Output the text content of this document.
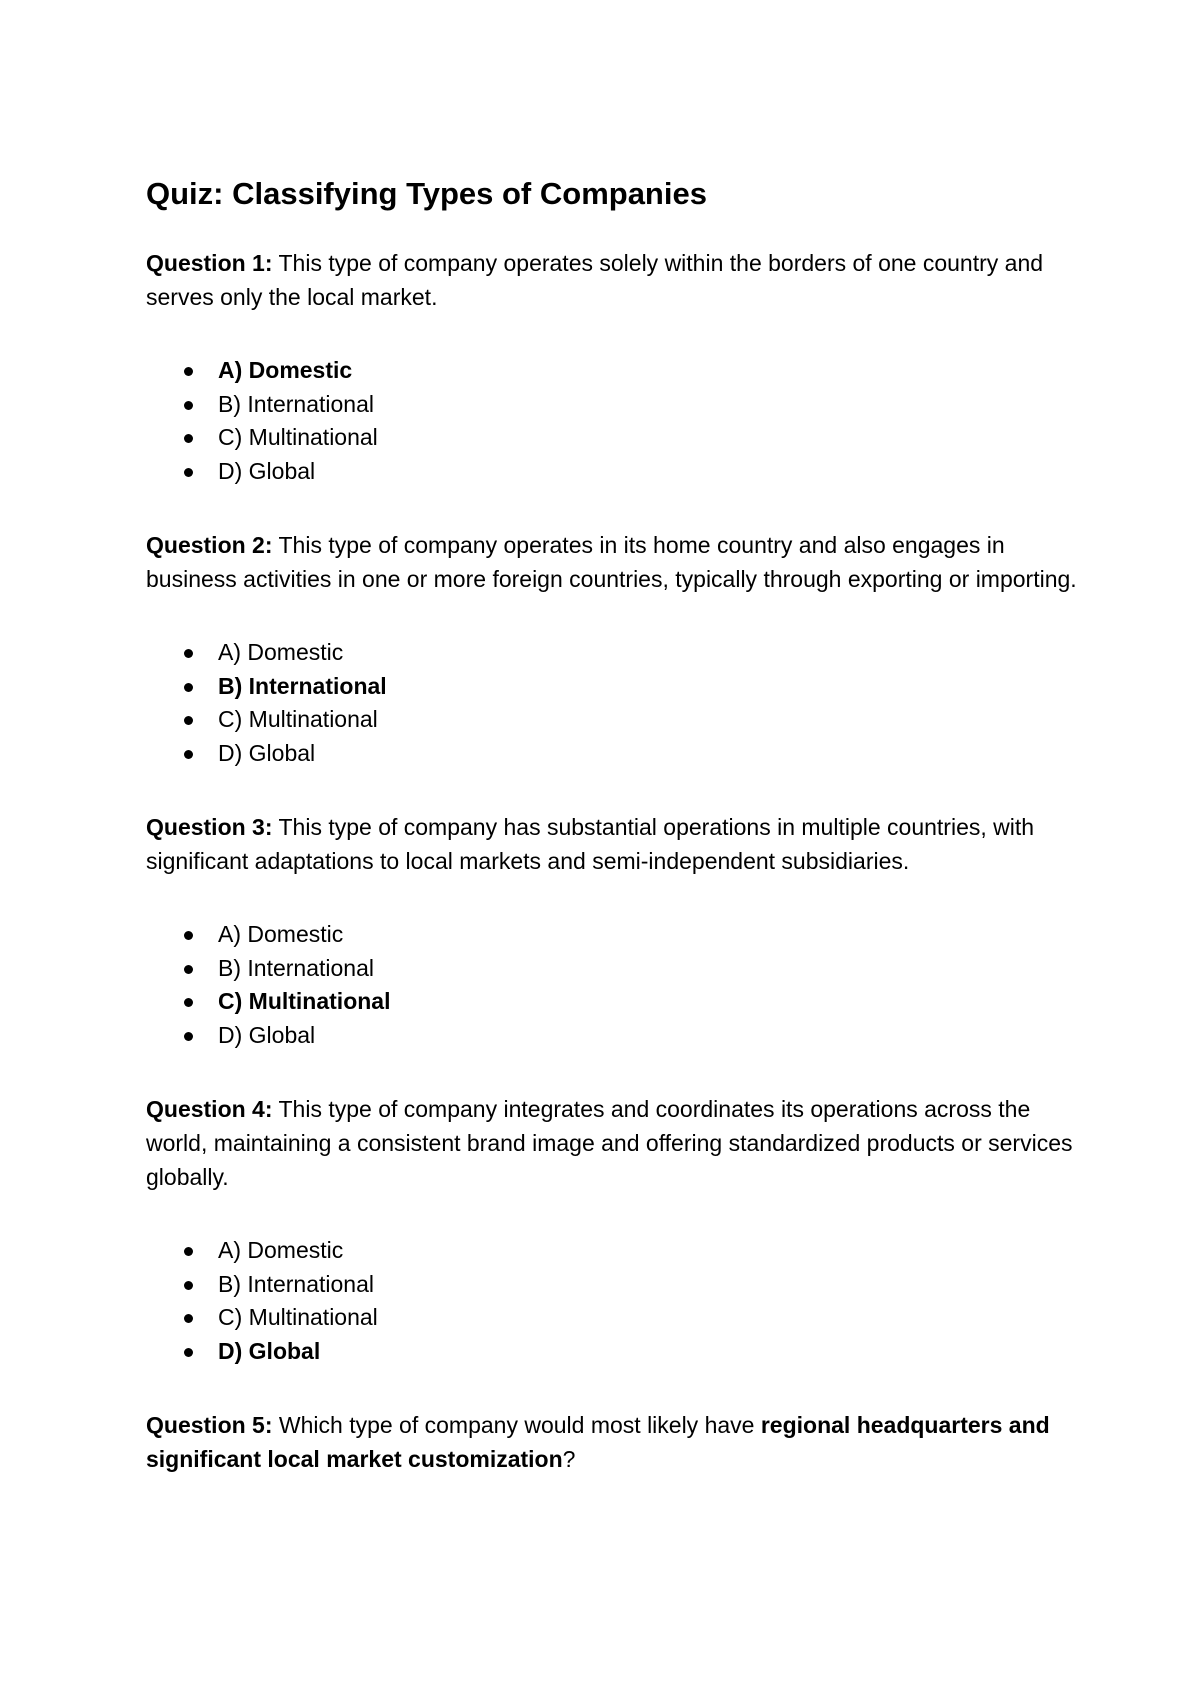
Quiz: Classifying Types of Companies

Question 1: This type of company operates solely within the borders of one country and serves only the local market.

A) Domestic
B) International
C) Multinational
D) Global

Question 2: This type of company operates in its home country and also engages in business activities in one or more foreign countries, typically through exporting or importing.

A) Domestic
B) International
C) Multinational
D) Global

Question 3: This type of company has substantial operations in multiple countries, with significant adaptations to local markets and semi-independent subsidiaries.

A) Domestic
B) International
C) Multinational
D) Global

Question 4: This type of company integrates and coordinates its operations across the world, maintaining a consistent brand image and offering standardized products or services globally.

A) Domestic
B) International
C) Multinational
D) Global

Question 5: Which type of company would most likely have regional headquarters and significant local market customization?
